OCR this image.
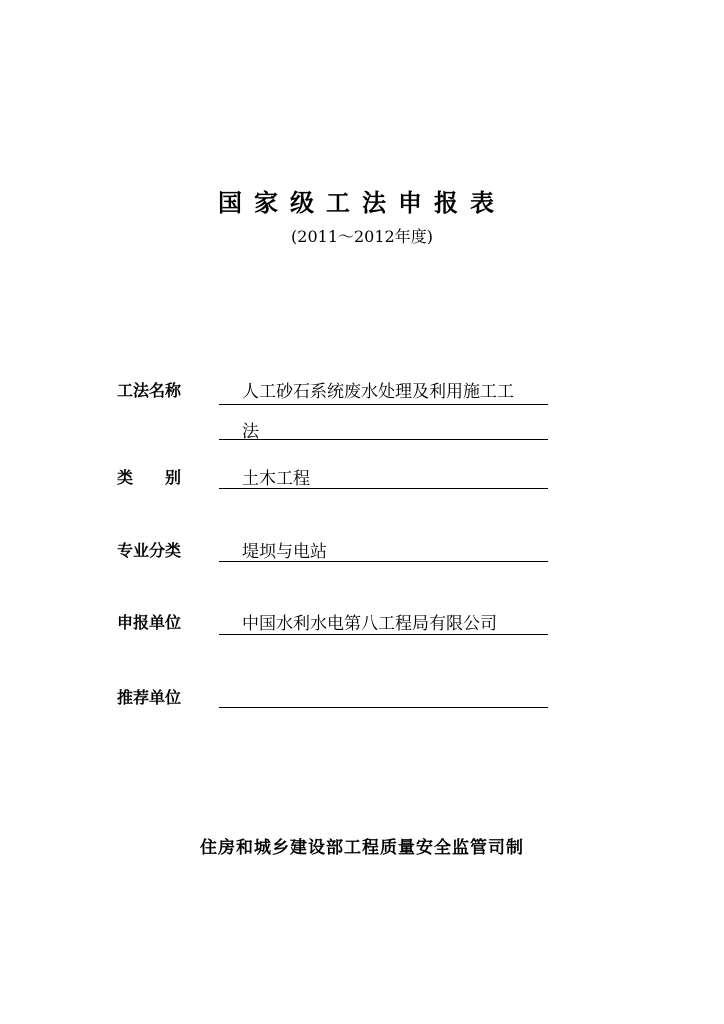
国家级工法申报表
(2011～2012年度)
工法名称	人工砂石系统废水处理及利用施工工
法
类　　别	土木工程
专业分类	堤坝与电站
申报单位	中国水利水电第八工程局有限公司
推荐单位
住房和城乡建设部工程质量安全监管司制
